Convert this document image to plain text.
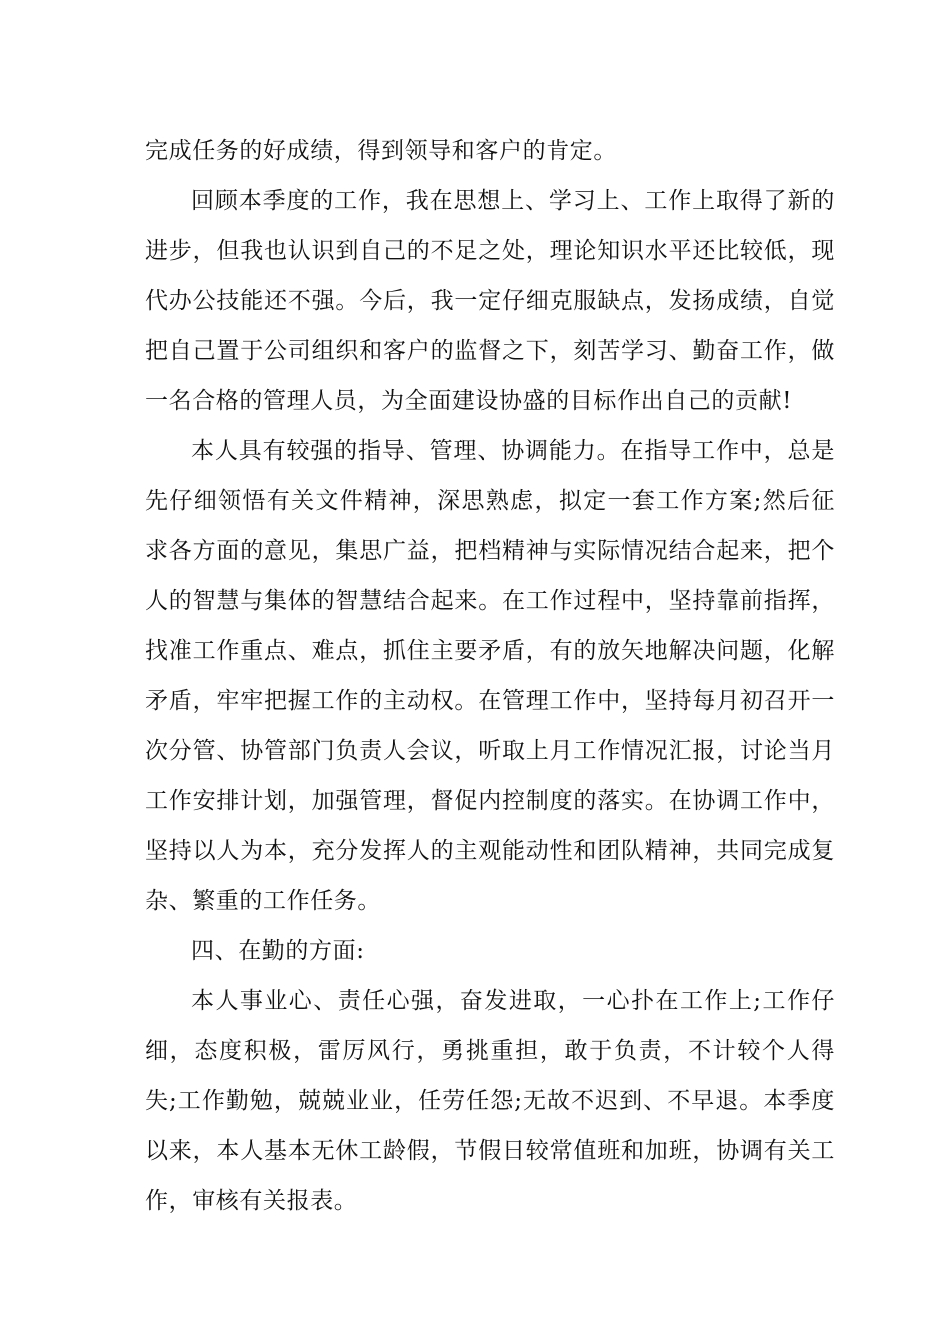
完成任务的好成绩，得到领导和客户的肯定。

回顾本季度的工作，我在思想上、学习上、工作上取得了新的进步，但我也认识到自己的不足之处，理论知识水平还比较低，现代办公技能还不强。今后，我一定仔细克服缺点，发扬成绩，自觉把自己置于公司组织和客户的监督之下，刻苦学习、勤奋工作，做一名合格的管理人员，为全面建设协盛的目标作出自己的贡献!

本人具有较强的指导、管理、协调能力。在指导工作中，总是先仔细领悟有关文件精神，深思熟虑，拟定一套工作方案;然后征求各方面的意见，集思广益，把档精神与实际情况结合起来，把个人的智慧与集体的智慧结合起来。在工作过程中，坚持靠前指挥，找准工作重点、难点，抓住主要矛盾，有的放矢地解决问题，化解矛盾，牢牢把握工作的主动权。在管理工作中，坚持每月初召开一次分管、协管部门负责人会议，听取上月工作情况汇报，讨论当月工作安排计划，加强管理，督促内控制度的落实。在协调工作中，坚持以人为本，充分发挥人的主观能动性和团队精神，共同完成复杂、繁重的工作任务。

四、在勤的方面:

本人事业心、责任心强，奋发进取，一心扑在工作上;工作仔细，态度积极，雷厉风行，勇挑重担，敢于负责，不计较个人得失;工作勤勉，兢兢业业，任劳任怨;无故不迟到、不早退。本季度以来，本人基本无休工龄假，节假日较常值班和加班，协调有关工作，审核有关报表。
